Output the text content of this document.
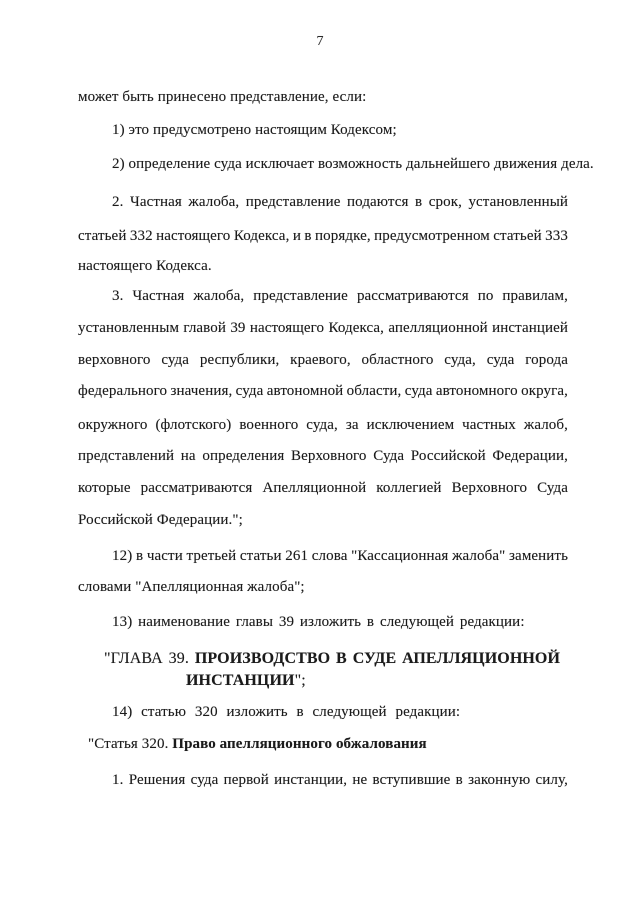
7
может быть принесено представление, если:
1) это предусмотрено настоящим Кодексом;
2) определение суда исключает возможность дальнейшего движения дела.
2. Частная жалоба, представление подаются в срок, установленный
статьей 332 настоящего Кодекса, и в порядке, предусмотренном статьей 333
настоящего Кодекса.
3. Частная жалоба, представление рассматриваются по правилам,
установленным главой 39 настоящего Кодекса, апелляционной инстанцией
верховного суда республики, краевого, областного суда, суда города
федерального значения, суда автономной области, суда автономного округа,
окружного (флотского) военного суда, за исключением частных жалоб,
представлений на определения Верховного Суда Российской Федерации,
которые рассматриваются Апелляционной коллегией Верховного Суда
Российской Федерации.";
12) в части третьей статьи 261 слова "Кассационная жалоба" заменить
словами "Апелляционная жалоба";
13) наименование главы 39 изложить в следующей редакции:
"ГЛАВА 39. ПРОИЗВОДСТВО В СУДЕ АПЕЛЛЯЦИОННОЙ
ИНСТАНЦИИ";
14) статью 320 изложить в следующей редакции:
"Статья 320. Право апелляционного обжалования
1. Решения суда первой инстанции, не вступившие в законную силу,
